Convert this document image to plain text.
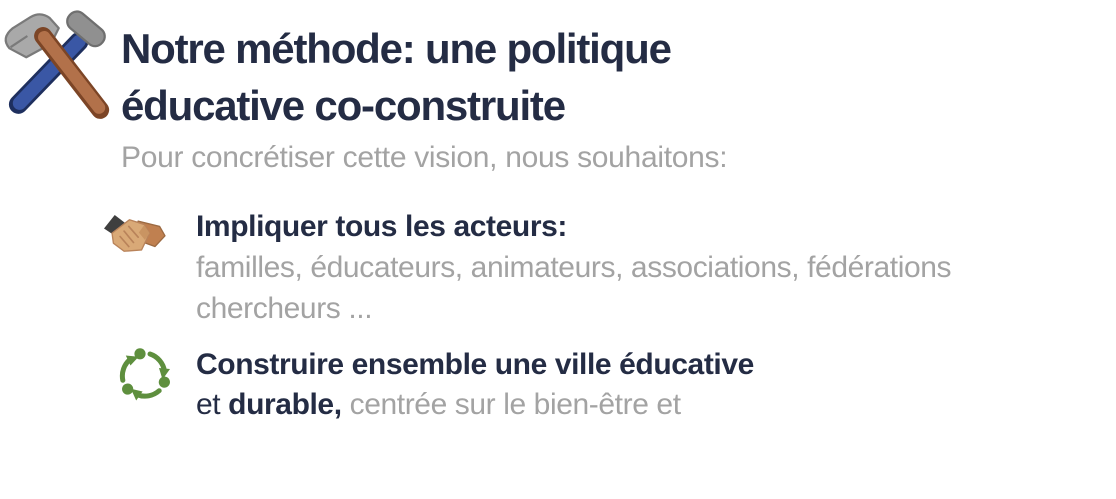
Notre méthode: une politique
éducative co-construite
Pour concrétiser cette vision, nous souhaitons:
Impliquer tous les acteurs:
familles, éducateurs, animateurs, associations, fédérations
chercheurs ...
Construire ensemble une ville éducative
et durable, centrée sur le bien-être et
